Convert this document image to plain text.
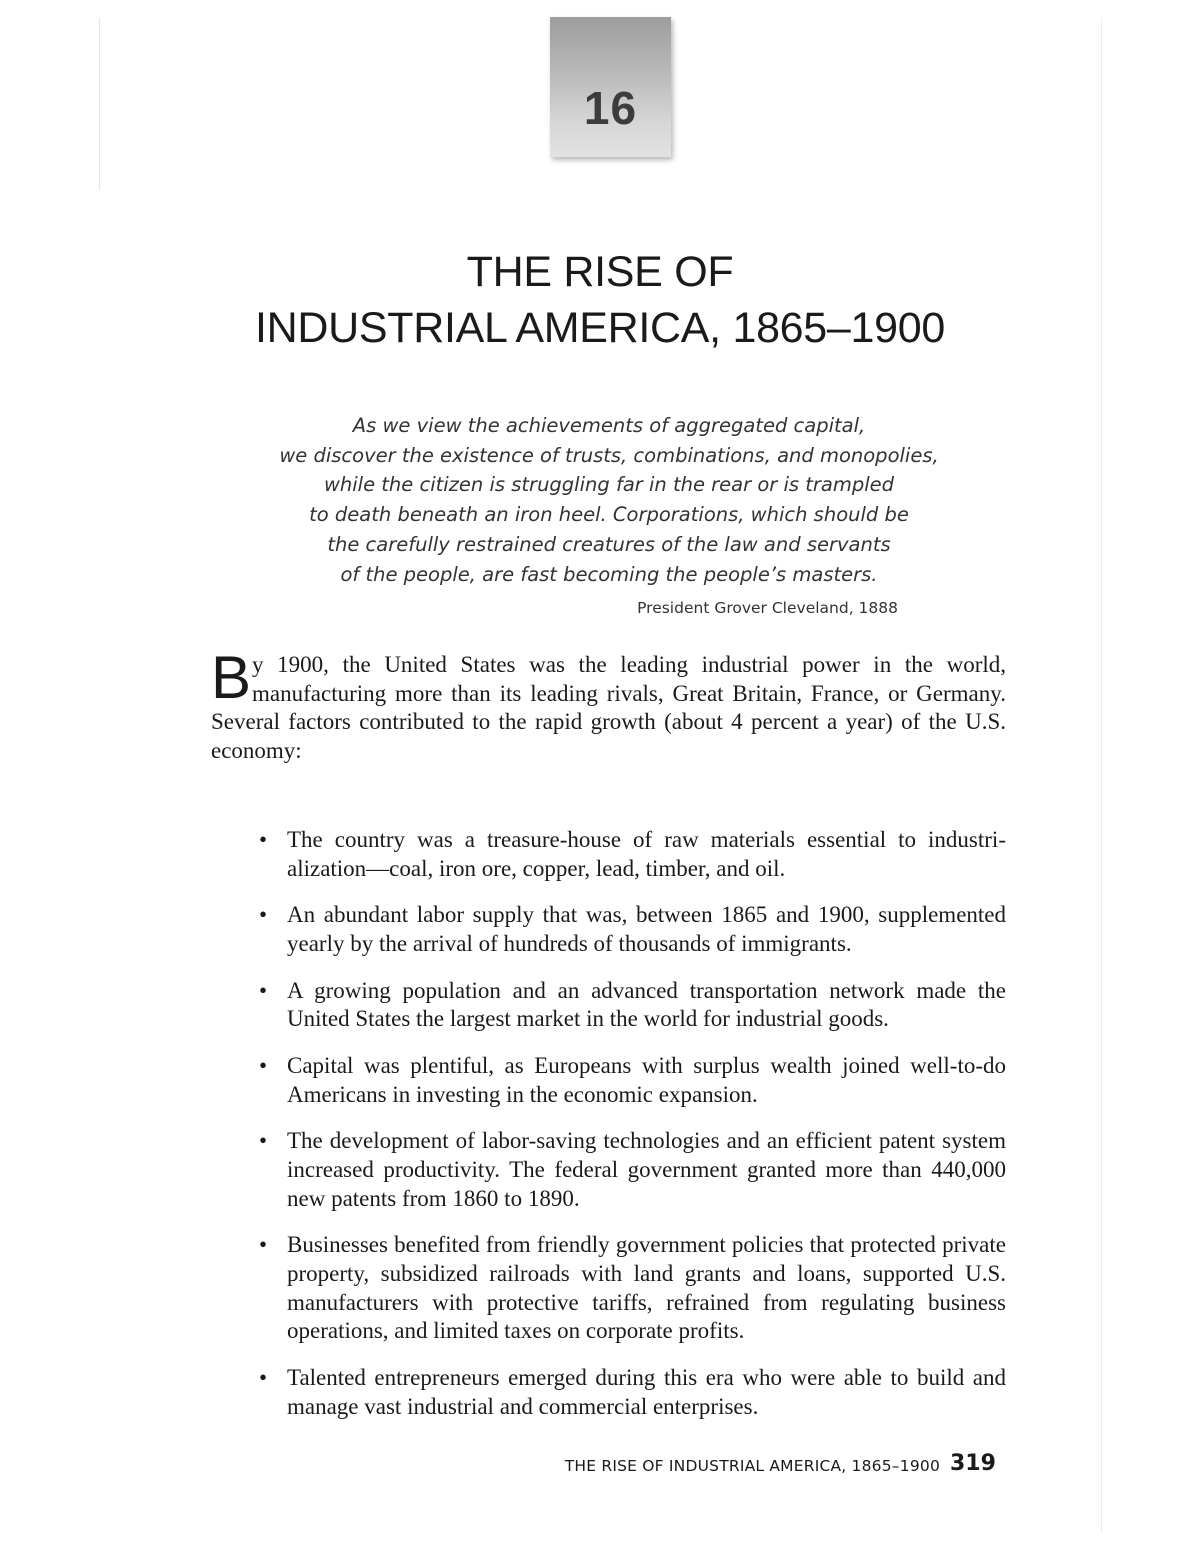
16
THE RISE OF
INDUSTRIAL AMERICA, 1865–1900
As we view the achievements of aggregated capital,
we discover the existence of trusts, combinations, and monopolies,
while the citizen is struggling far in the rear or is trampled
to death beneath an iron heel. Corporations, which should be
the carefully restrained creatures of the law and servants
of the people, are fast becoming the people’s masters.
President Grover Cleveland, 1888

By 1900, the United States was the leading industrial power in the world, manufacturing more than its leading rivals, Great Britain, France, or Germany. Several factors contributed to the rapid growth (about 4 percent a year) of the U.S. economy:

• The country was a treasure-house of raw materials essential to industrialization—coal, iron ore, copper, lead, timber, and oil.
• An abundant labor supply that was, between 1865 and 1900, supplemented yearly by the arrival of hundreds of thousands of immigrants.
• A growing population and an advanced transportation network made the United States the largest market in the world for industrial goods.
• Capital was plentiful, as Europeans with surplus wealth joined well-to-do Americans in investing in the economic expansion.
• The development of labor-saving technologies and an efficient patent system increased productivity. The federal government granted more than 440,000 new patents from 1860 to 1890.
• Businesses benefited from friendly government policies that protected private property, subsidized railroads with land grants and loans, supported U.S. manufacturers with protective tariffs, refrained from regulating business operations, and limited taxes on corporate profits.
• Talented entrepreneurs emerged during this era who were able to build and manage vast industrial and commercial enterprises.
THE RISE OF INDUSTRIAL AMERICA, 1865–1900 319
